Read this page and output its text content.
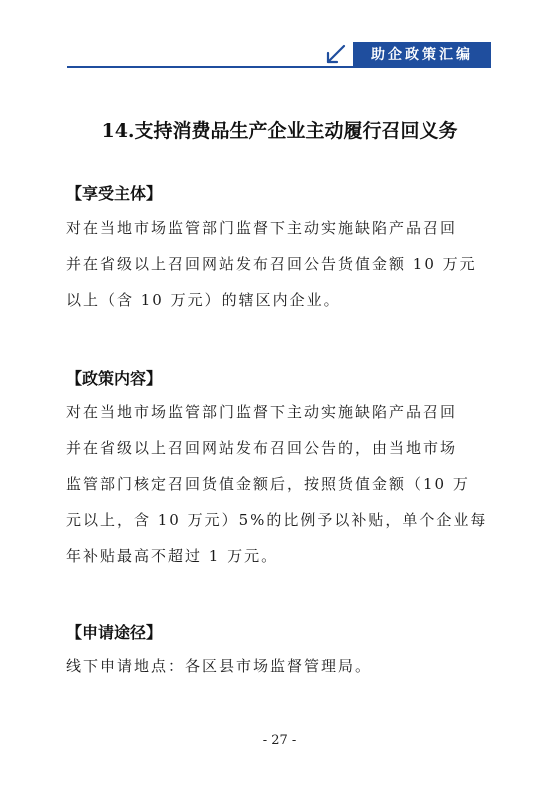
助企政策汇编
14.支持消费品生产企业主动履行召回义务
【享受主体】

对在当地市场监管部门监督下主动实施缺陷产品召回
并在省级以上召回网站发布召回公告货值金额 10 万元
以上（含 10 万元）的辖区内企业。

【政策内容】

对在当地市场监管部门监督下主动实施缺陷产品召回
并在省级以上召回网站发布召回公告的，由当地市场
监管部门核定召回货值金额后，按照货值金额（10 万
元以上，含 10 万元）5%的比例予以补贴，单个企业每
年补贴最高不超过 1 万元。

【申请途径】

线下申请地点：各区县市场监督管理局。

- 27 -
